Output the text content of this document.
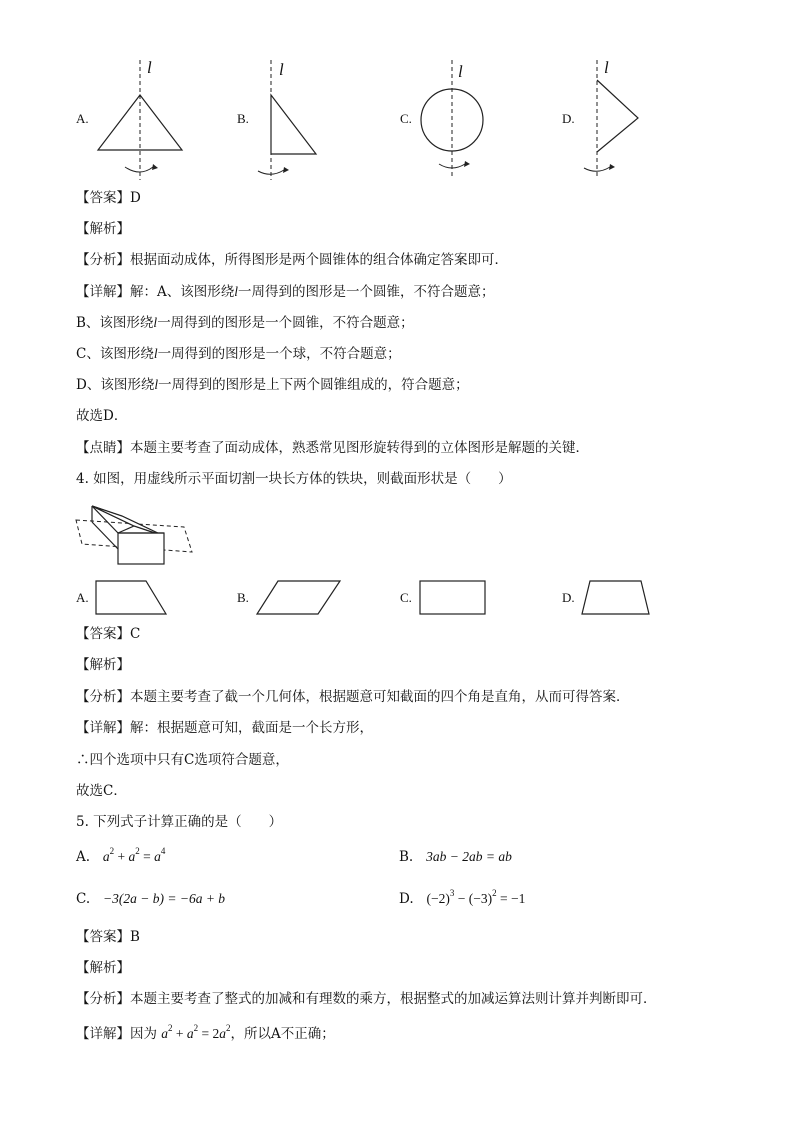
A.
l
B.
l
C.
l
D.
l
【答案】D
【解析】
【分析】根据面动成体，所得图形是两个圆锥体的组合体确定答案即可．
【详解】解：A、该图形绕l一周得到的图形是一个圆锥，不符合题意；
B、该图形绕l一周得到的图形是一个圆锥，不符合题意；
C、该图形绕l一周得到的图形是一个球，不符合题意；
D、该图形绕l一周得到的图形是上下两个圆锥组成的，符合题意；
故选D．
【点睛】本题主要考查了面动成体，熟悉常见图形旋转得到的立体图形是解题的关键．
4. 如图，用虚线所示平面切割一块长方体的铁块，则截面形状是（　　）
A.	B.	C.	D.
【答案】C
【解析】
【分析】本题主要考查了截一个几何体，根据题意可知截面的四个角是直角，从而可得答案．
【详解】解：根据题意可知，截面是一个长方形，
∴四个选项中只有C选项符合题意，
故选C．
5. 下列式子计算正确的是（　　）
A. $a^2 + a^2 = a^4$	B. 3ab − 2ab = ab
C. −3(2a − b) = −6a + b	D. $(-2)^3 - (-3)^2 = -1$
【答案】B
【解析】
【分析】本题主要考查了整式的加减和有理数的乘方，根据整式的加减运算法则计算并判断即可．
【详解】因为 $a^2 + a^2 = 2a^2$，所以A不正确；
